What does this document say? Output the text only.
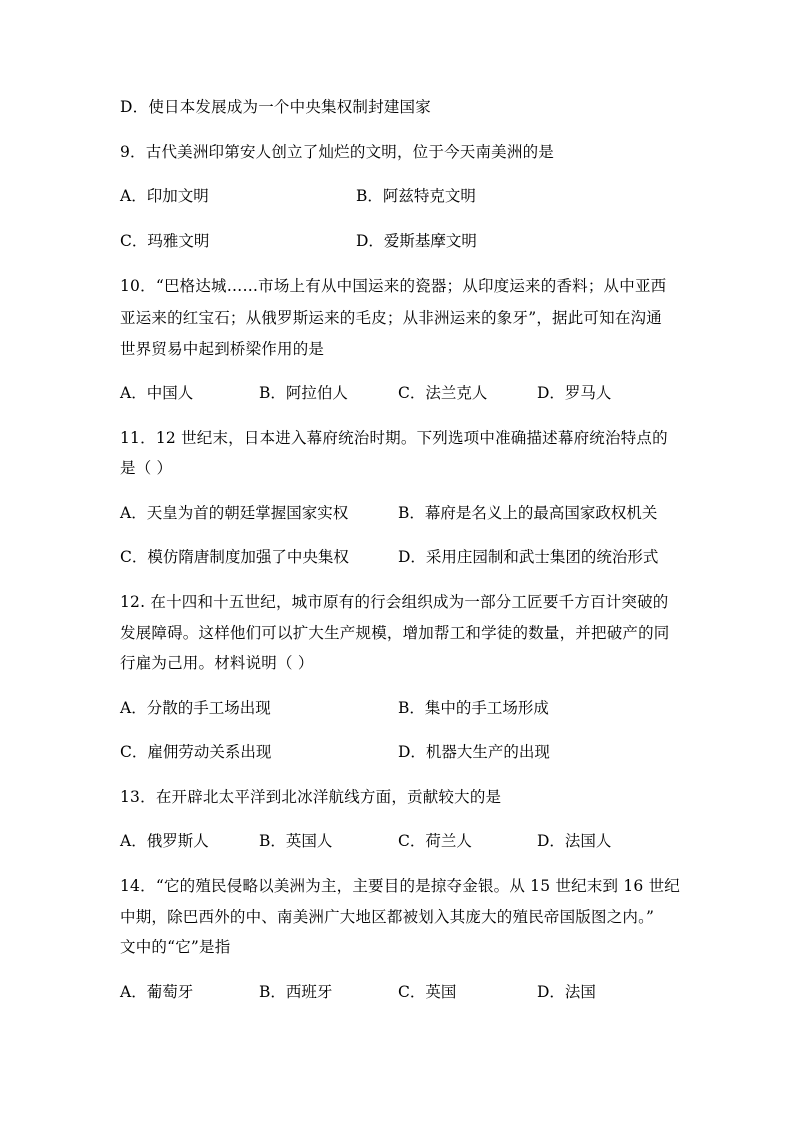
D．使日本发展成为一个中央集权制封建国家
9．古代美洲印第安人创立了灿烂的文明，位于今天南美洲的是
A．印加文明	B．阿兹特克文明
C．玛雅文明	D．爱斯基摩文明
10．“巴格达城……市场上有从中国运来的瓷器；从印度运来的香料；从中亚西
亚运来的红宝石；从俄罗斯运来的毛皮；从非洲运来的象牙”，据此可知在沟通
世界贸易中起到桥梁作用的是
A．中国人	B．阿拉伯人	C．法兰克人	D．罗马人
11．12 世纪末，日本进入幕府统治时期。下列选项中准确描述幕府统治特点的
是（ ）
A．天皇为首的朝廷掌握国家实权	B．幕府是名义上的最高国家政权机关
C．模仿隋唐制度加强了中央集权	D．采用庄园制和武士集团的统治形式
12. 在十四和十五世纪，城市原有的行会组织成为一部分工匠要千方百计突破的
发展障碍。这样他们可以扩大生产规模，增加帮工和学徒的数量，并把破产的同
行雇为己用。材料说明（ ）
A．分散的手工场出现	B．集中的手工场形成
C．雇佣劳动关系出现	D．机器大生产的出现
13．在开辟北太平洋到北冰洋航线方面，贡献较大的是
A．俄罗斯人	B．英国人	C．荷兰人	D．法国人
14．“它的殖民侵略以美洲为主，主要目的是掠夺金银。从 15 世纪末到 16 世纪
中期，除巴西外的中、南美洲广大地区都被划入其庞大的殖民帝国版图之内。”
文中的“它”是指
A．葡萄牙	B．西班牙	C．英国	D．法国
